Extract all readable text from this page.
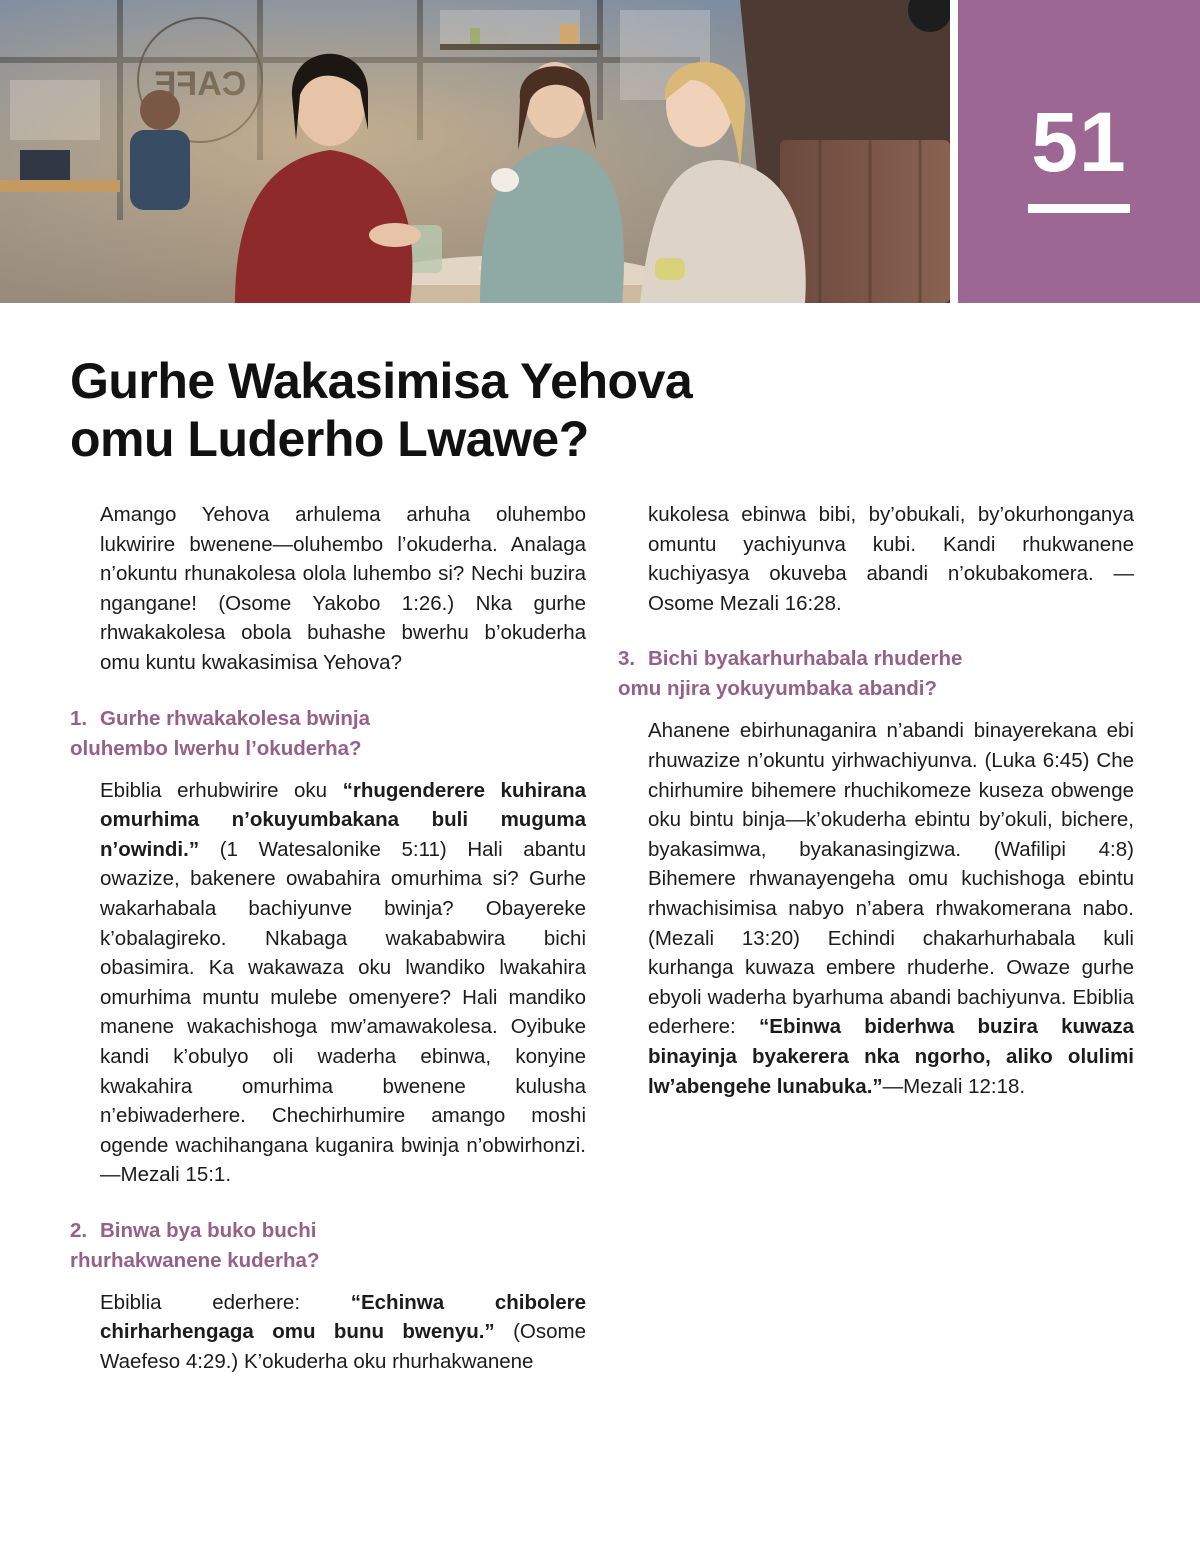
51
Gurhe Wakasimisa Yehova
omu Luderho Lwawe?

Amango Yehova arhulema arhuha oluhembo lukwirire bwenene—oluhembo l’okuderha. Analaga n’okuntu rhunakolesa olola luhembo si? Nechi buzira ngangane! (Osome Yakobo 1:26.) Nka gurhe rhwakakolesa obola buhashe bwerhu b’okuderha omu kuntu kwakasimisa Yehova?

1. Gurhe rhwakakolesa bwinja
oluhembo lwerhu l’okuderha?

Ebiblia erhubwirire oku “rhugenderere kuhirana omurhima n’okuyumbakana buli muguma n’owindi.” (1 Watesalonike 5:11) Hali abantu owazize, bakenere owabahira omurhima si? Gurhe wakarhabala bachiyunve bwinja? Obayereke k’obalagireko. Nkabaga wakababwira bichi obasimira. Ka wakawaza oku lwandiko lwakahira omurhima muntu mulebe omenyere? Hali mandiko manene wakachishoga mw’amawakolesa. Oyibuke kandi k’obulyo oli waderha ebinwa, konyine kwakahira omurhima bwenene kulusha n’ebiwaderhere. Chechirhumire amango moshi ogende wachihangana kuganira bwinja n’obwirhonzi.—Mezali 15:1.

2. Binwa bya buko buchi
rhurhakwanene kuderha?

Ebiblia ederhere: “Echinwa chibolere chirharhengaga omu bunu bwenyu.” (Osome Waefeso 4:29.) K’okuderha oku rhurhakwanene

kukolesa ebinwa bibi, by’obukali, by’okurhonganya omuntu yachiyunva kubi. Kandi rhukwanene kuchiyasya okuveba abandi n’okubakomera. —Osome Mezali 16:28.

3. Bichi byakarhurhabala rhuderhe
omu njira yokuyumbaka abandi?

Ahanene ebirhunaganira n’abandi binayerekana ebi rhuwazize n’okuntu yirhwachiyunva. (Luka 6:45) Che chirhumire bihemere rhuchikomeze kuseza obwenge oku bintu binja—k’okuderha ebintu by’okuli, bichere, byakasimwa, byakanasingizwa. (Wafilipi 4:8) Bihemere rhwanayengeha omu kuchishoga ebintu rhwachisimisa nabyo n’abera rhwakomerana nabo. (Mezali 13:20) Echindi chakarhurhabala kuli kurhanga kuwaza embere rhuderhe. Owaze gurhe ebyoli waderha byarhuma abandi bachiyunva. Ebiblia ederhere: “Ebinwa biderhwa buzira kuwaza binayinja byakerera nka ngorho, aliko olulimi lw’abengehe lunabuka.”—Mezali 12:18.
